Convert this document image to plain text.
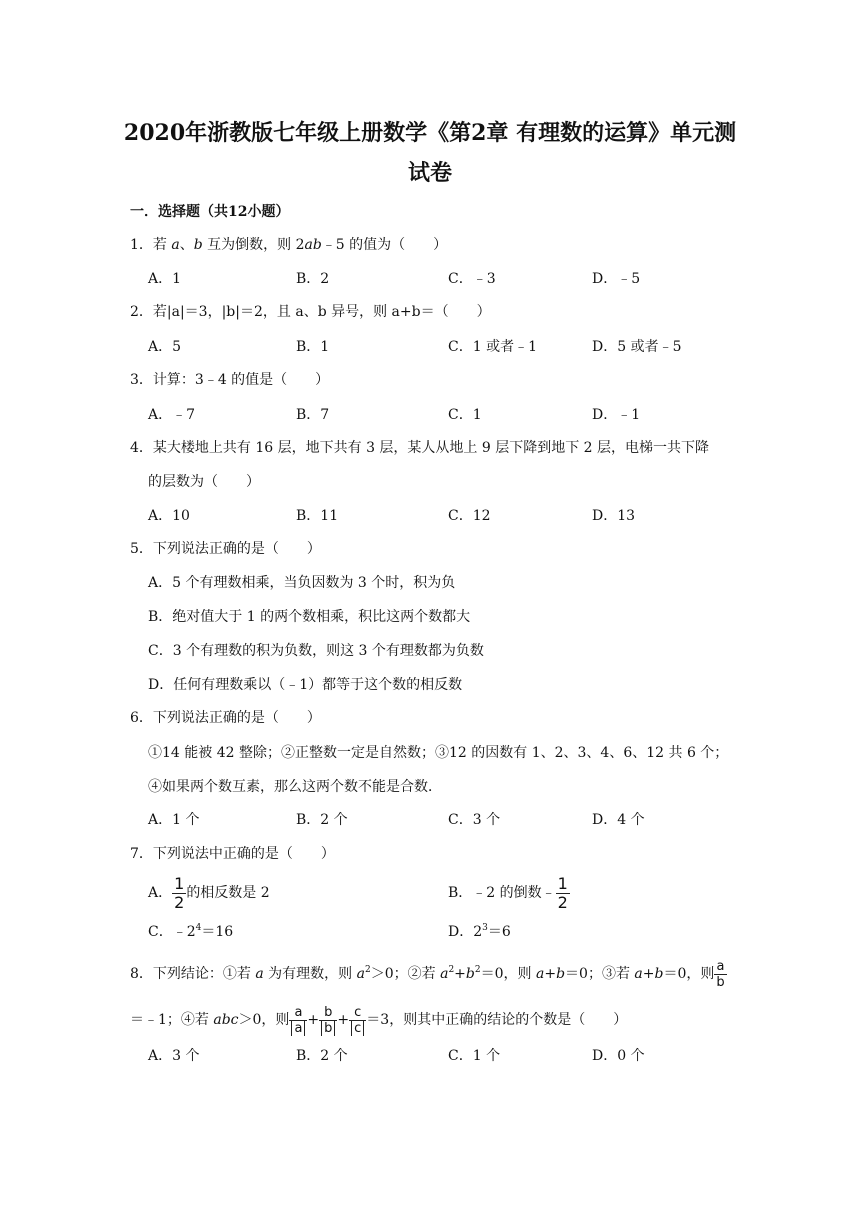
2020年浙教版七年级上册数学《第2章 有理数的运算》单元测
试卷
一．选择题（共12小题）
1．若 a、b 互为倒数，则 2ab﹣5 的值为（　　）
A．1	B．2	C．﹣3	D．﹣5
2．若|a|＝3，|b|＝2，且 a、b 异号，则 a+b＝（　　）
A．5	B．1	C．1 或者﹣1	D．5 或者﹣5
3．计算：3﹣4 的值是（　　）
A．﹣7	B．7	C．1	D．﹣1
4．某大楼地上共有 16 层，地下共有 3 层，某人从地上 9 层下降到地下 2 层，电梯一共下降
的层数为（　　）
A．10	B．11	C．12	D．13
5．下列说法正确的是（　　）
A．5 个有理数相乘，当负因数为 3 个时，积为负
B．绝对值大于 1 的两个数相乘，积比这两个数都大
C．3 个有理数的积为负数，则这 3 个有理数都为负数
D．任何有理数乘以（﹣1）都等于这个数的相反数
6．下列说法正确的是（　　）
①14 能被 42 整除；②正整数一定是自然数；③12 的因数有 1、2、3、4、6、12 共 6 个；
④如果两个数互素，那么这两个数不能是合数．
A．1 个	B．2 个	C．3 个	D．4 个
7．下列说法中正确的是（　　）
A． $\frac{1}{2}$ 的相反数是 2	B．﹣2 的倒数﹣ $\frac{1}{2}$
C．$﹣2^4=16$	D．$2^3=6$
8．下列结论：①若 a 为有理数，则 $a^2>0$；②若 $a^2+b^2=0$，则 a+b＝0；③若 a+b＝0，则 $\frac{a}{b}$
＝﹣1；④若 abc＞0，则 $\frac{a}{a} + \frac{b}{b} + \frac{c}{c} =3$，则其中正确的结论的个数是（　　）
A．3 个	B．2 个	C．1 个	D．0 个
